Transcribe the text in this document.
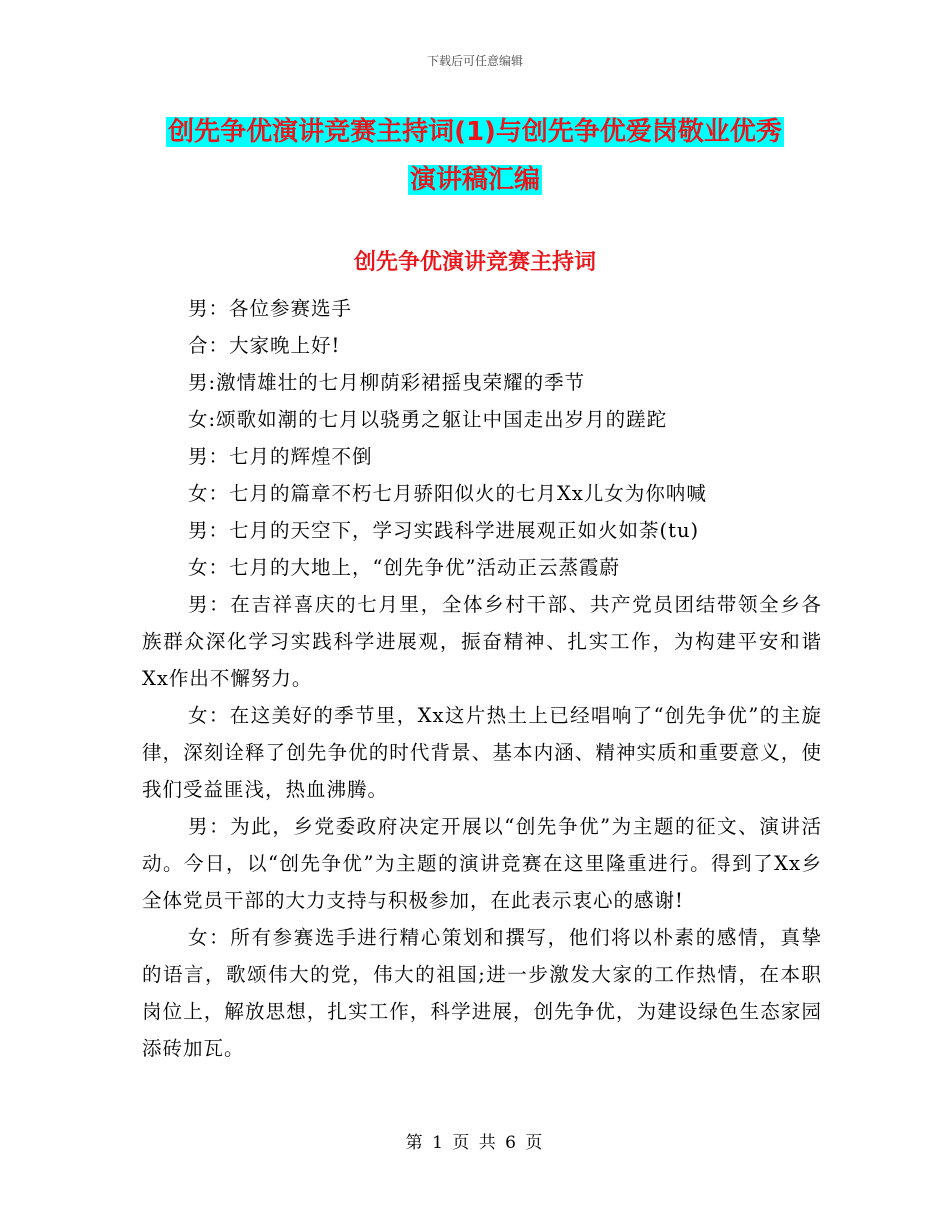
下载后可任意编辑
创先争优演讲竞赛主持词(1)与创先争优爱岗敬业优秀
演讲稿汇编
创先争优演讲竞赛主持词
男：各位参赛选手
合：大家晚上好!
男:激情雄壮的七月柳荫彩裙摇曳荣耀的季节
女:颂歌如潮的七月以骁勇之躯让中国走出岁月的蹉跎
男：七月的辉煌不倒
女：七月的篇章不朽七月骄阳似火的七月Xx儿女为你呐喊
男：七月的天空下，学习实践科学进展观正如火如荼(tu)
女：七月的大地上，“创先争优”活动正云蒸霞蔚
男：在吉祥喜庆的七月里，全体乡村干部、共产党员团结带领全乡各族群众深化学习实践科学进展观，振奋精神、扎实工作，为构建平安和谐Xx作出不懈努力。
女：在这美好的季节里，Xx这片热土上已经唱响了“创先争优”的主旋律，深刻诠释了创先争优的时代背景、基本内涵、精神实质和重要意义，使我们受益匪浅，热血沸腾。
男：为此，乡党委政府决定开展以“创先争优”为主题的征文、演讲活动。今日，以“创先争优”为主题的演讲竞赛在这里隆重进行。得到了Xx乡全体党员干部的大力支持与积极参加，在此表示衷心的感谢!
女：所有参赛选手进行精心策划和撰写，他们将以朴素的感情，真挚的语言，歌颂伟大的党，伟大的祖国;进一步激发大家的工作热情，在本职岗位上，解放思想，扎实工作，科学进展，创先争优，为建设绿色生态家园添砖加瓦。
第 1 页 共 6 页
